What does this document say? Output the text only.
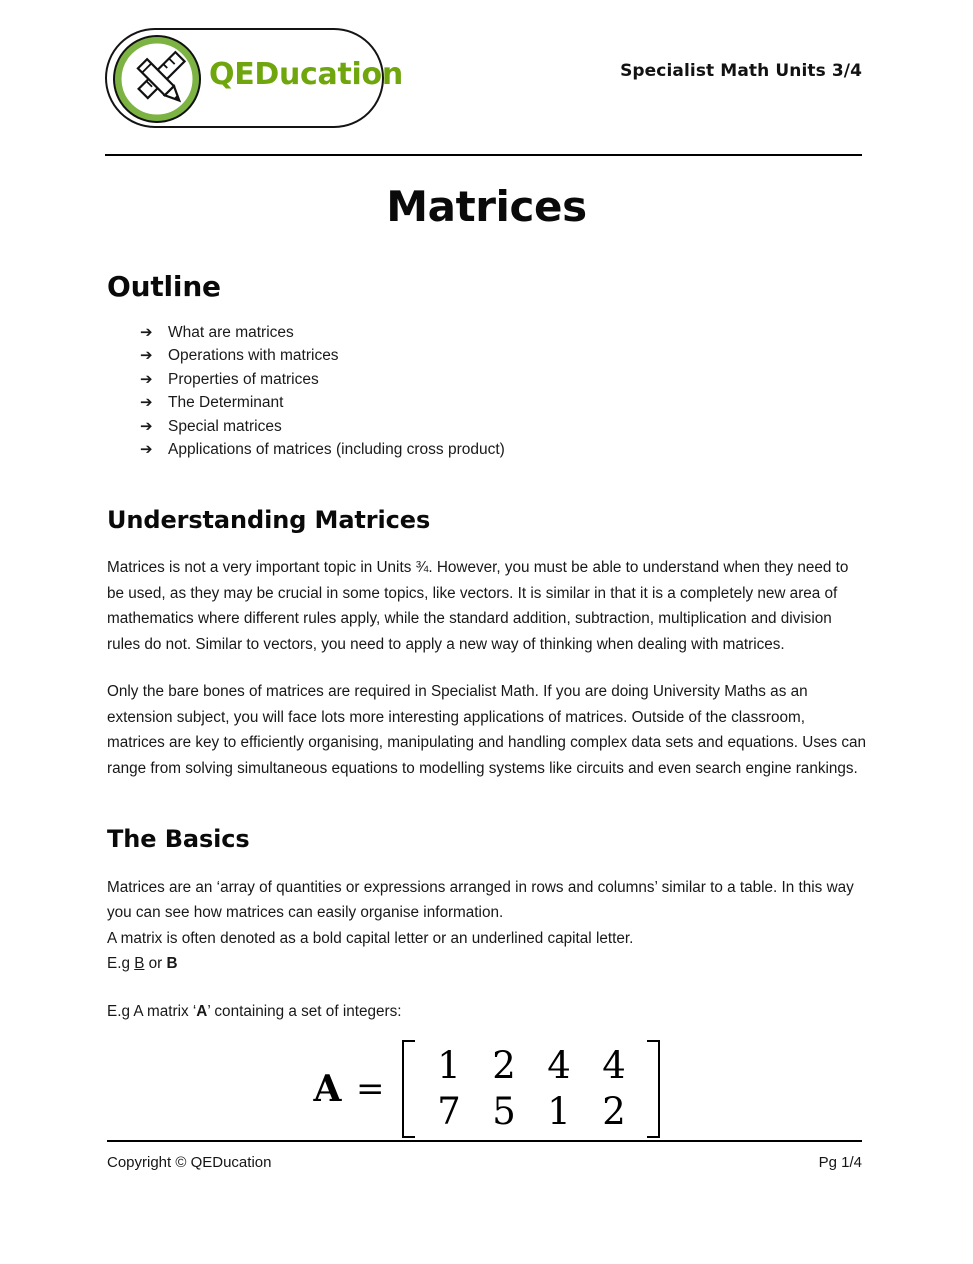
QEDucation	Specialist Math Units 3/4
Matrices
Outline
➔ What are matrices
➔ Operations with matrices
➔ Properties of matrices
➔ The Determinant
➔ Special matrices
➔ Applications of matrices (including cross product)
Understanding Matrices

Matrices is not a very important topic in Units ¾. However, you must be able to understand when they need to be used, as they may be crucial in some topics, like vectors. It is similar in that it is a completely new area of mathematics where different rules apply, while the standard addition, subtraction, multiplication and division rules do not. Similar to vectors, you need to apply a new way of thinking when dealing with matrices.

Only the bare bones of matrices are required in Specialist Math. If you are doing University Maths as an extension subject, you will face lots more interesting applications of matrices. Outside of the classroom, matrices are key to efficiently organising, manipulating and handling complex data sets and equations. Uses can range from solving simultaneous equations to modelling systems like circuits and even search engine rankings.

The Basics

Matrices are an ‘array of quantities or expressions arranged in rows and columns’ similar to a table. In this way you can see how matrices can easily organise information.
A matrix is often denoted as a bold capital letter or an underlined capital letter.
E.g B or B

E.g A matrix ‘A’ containing a set of integers:

A =
1 2 4 4
7 5 1 2
Copyright © QEDucation	Pg 1/4
